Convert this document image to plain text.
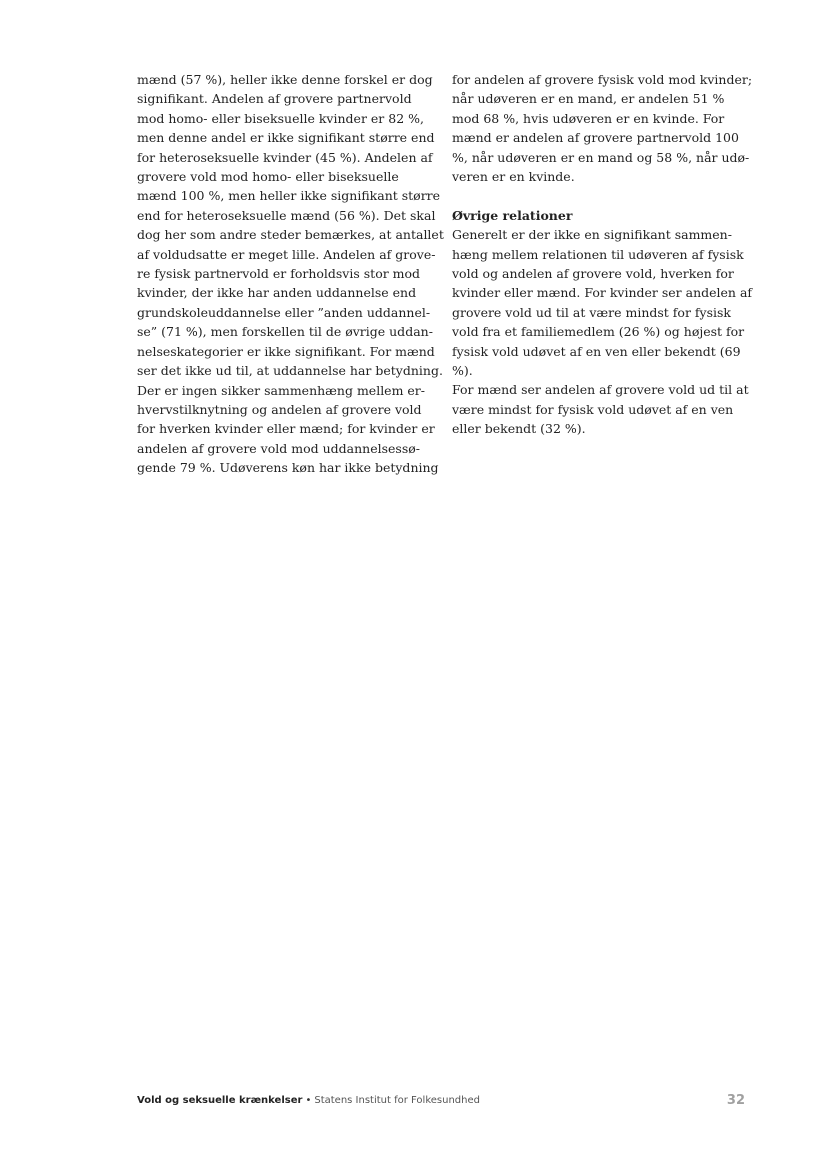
mænd (57 %), heller ikke denne forskel er dog
signifikant. Andelen af grovere partnervold
mod homo- eller biseksuelle kvinder er 82 %,
men denne andel er ikke signifikant større end
for heteroseksuelle kvinder (45 %). Andelen af
grovere vold mod homo- eller biseksuelle
mænd 100 %, men heller ikke signifikant større
end for heteroseksuelle mænd (56 %). Det skal
dog her som andre steder bemærkes, at antallet
af voldudsatte er meget lille. Andelen af grove-
re fysisk partnervold er forholdsvis stor mod
kvinder, der ikke har anden uddannelse end
grundskoleuddannelse eller ”anden uddannel-
se” (71 %), men forskellen til de øvrige uddan-
nelseskategorier er ikke signifikant. For mænd
ser det ikke ud til, at uddannelse har betydning.
Der er ingen sikker sammenhæng mellem er-
hvervstilknytning og andelen af grovere vold
for hverken kvinder eller mænd; for kvinder er
andelen af grovere vold mod uddannelsessø-
gende 79 %. Udøverens køn har ikke betydning
for andelen af grovere fysisk vold mod kvinder;
når udøveren er en mand, er andelen 51 %
mod 68 %, hvis udøveren er en kvinde. For
mænd er andelen af grovere partnervold 100
%, når udøveren er en mand og 58 %, når udø-
veren er en kvinde.
Øvrige relationer
Generelt er der ikke en signifikant sammen-
hæng mellem relationen til udøveren af fysisk
vold og andelen af grovere vold, hverken for
kvinder eller mænd. For kvinder ser andelen af
grovere vold ud til at være mindst for fysisk
vold fra et familiemedlem (26 %) og højest for
fysisk vold udøvet af en ven eller bekendt (69
%).
For mænd ser andelen af grovere vold ud til at
være mindst for fysisk vold udøvet af en ven
eller bekendt (32 %).
Vold og seksuelle krænkelser • Statens Institut for Folkesundhed	32
